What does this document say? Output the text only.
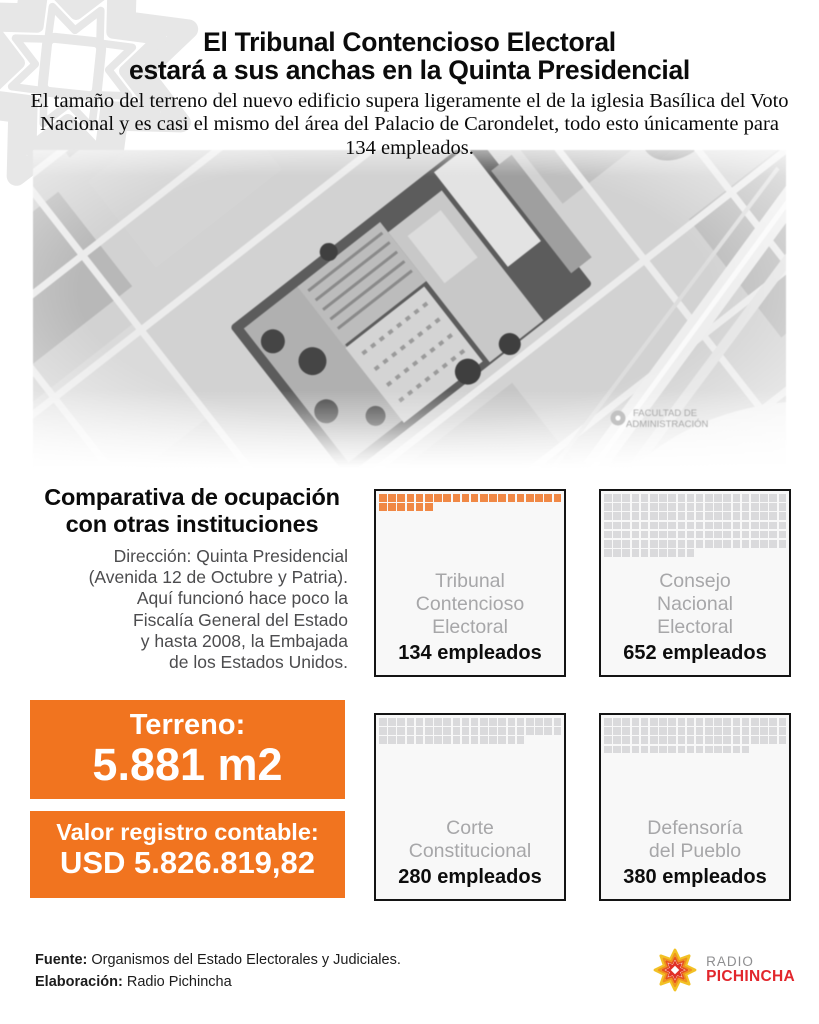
El Tribunal Contencioso Electoral
estará a sus anchas en la Quinta Presidencial

El tamaño del terreno del nuevo edificio supera ligeramente el de la iglesia Basílica del Voto Nacional y es casi el mismo del área del Palacio de Carondelet, todo esto únicamente para 134 empleados.

FACULTAD DE
ADMINISTRACIÓN
Comparativa de ocupación
con otras instituciones
Dirección: Quinta Presidencial
(Avenida 12 de Octubre y Patria).
Aquí funcionó hace poco la
Fiscalía General del Estado
y hasta 2008, la Embajada
de los Estados Unidos.
Terreno:
5.881 m2
Valor registro contable:
USD 5.826.819,82
Tribunal
Contencioso
Electoral
134 empleados
Consejo
Nacional
Electoral
652 empleados
Corte
Constitucional
280 empleados
Defensoría
del Pueblo
380 empleados
Fuente: Organismos del Estado Electorales y Judiciales.
Elaboración: Radio Pichincha
RADIO
PICHINCHA
